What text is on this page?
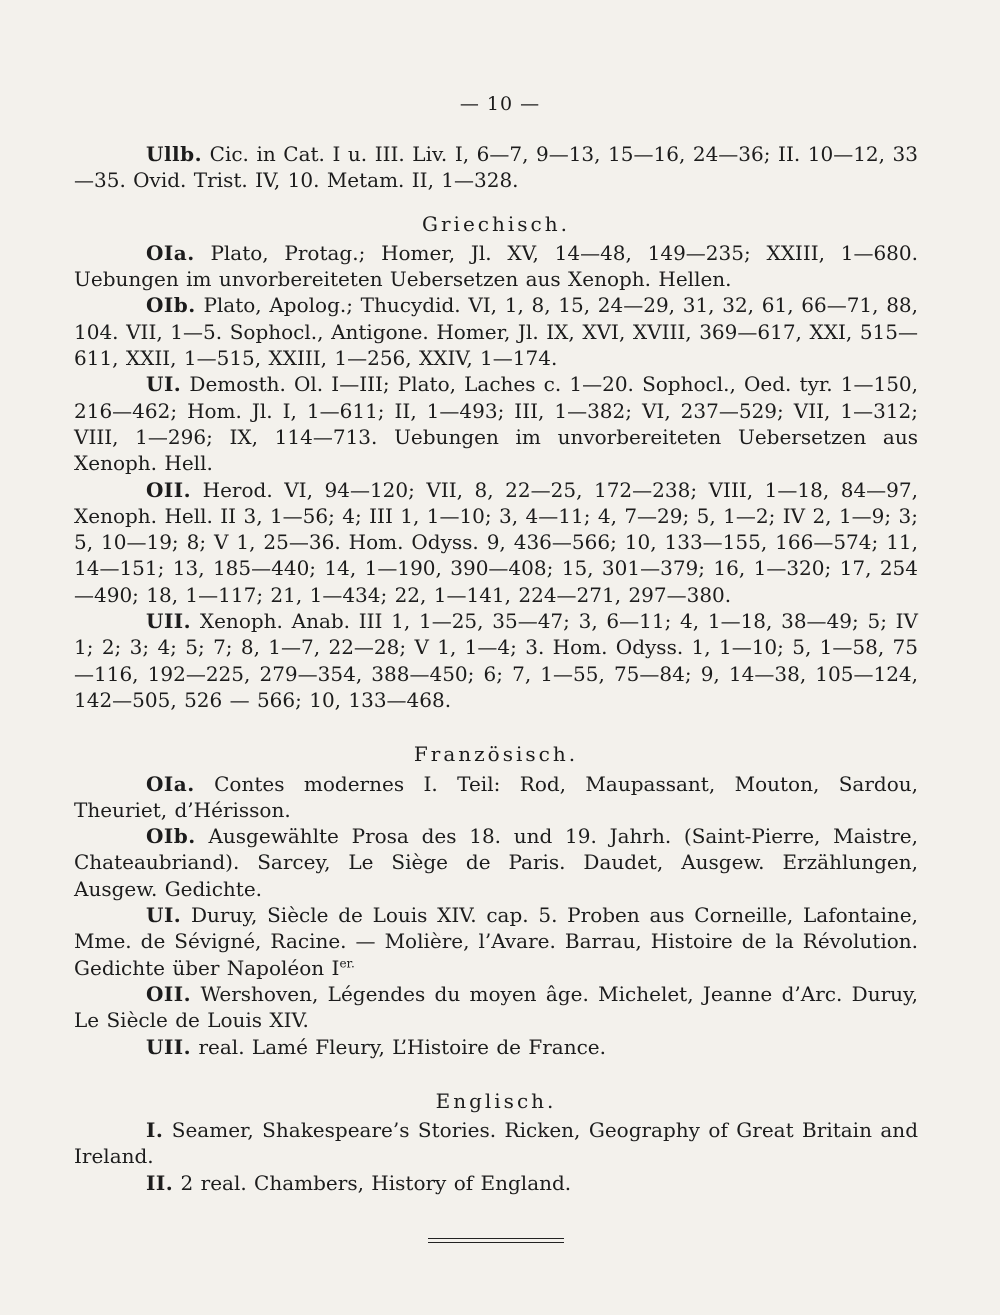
— 10 —

Ullb. Cic. in Cat. I u. III. Liv. I, 6—7, 9—13, 15—16, 24—36; II. 10—12, 33—35. Ovid. Trist. IV, 10. Metam. II, 1—328.

Griechisch.

OIa. Plato, Protag.; Homer, Jl. XV, 14—48, 149—235; XXIII, 1—680. Uebungen im unvorbereiteten Uebersetzen aus Xenoph. Hellen.

OIb. Plato, Apolog.; Thucydid. VI, 1, 8, 15, 24—29, 31, 32, 61, 66—71, 88, 104. VII, 1—5. Sophocl., Antigone. Homer, Jl. IX, XVI, XVIII, 369—617, XXI, 515—611, XXII, 1—515, XXIII, 1—256, XXIV, 1—174.

UI. Demosth. Ol. I—III; Plato, Laches c. 1—20. Sophocl., Oed. tyr. 1—150, 216—462; Hom. Jl. I, 1—611; II, 1—493; III, 1—382; VI, 237—529; VII, 1—312; VIII, 1—296; IX, 114—713. Uebungen im unvorbereiteten Uebersetzen aus Xenoph. Hell.

OII. Herod. VI, 94—120; VII, 8, 22—25, 172—238; VIII, 1—18, 84—97, Xenoph. Hell. II 3, 1—56; 4; III 1, 1—10; 3, 4—11; 4, 7—29; 5, 1—2; IV 2, 1—9; 3; 5, 10—19; 8; V 1, 25—36. Hom. Odyss. 9, 436—566; 10, 133—155, 166—574; 11, 14—151; 13, 185—440; 14, 1—190, 390—408; 15, 301—379; 16, 1—320; 17, 254—490; 18, 1—117; 21, 1—434; 22, 1—141, 224—271, 297—380.

UII. Xenoph. Anab. III 1, 1—25, 35—47; 3, 6—11; 4, 1—18, 38—49; 5; IV 1; 2; 3; 4; 5; 7; 8, 1—7, 22—28; V 1, 1—4; 3. Hom. Odyss. 1, 1—10; 5, 1—58, 75—116, 192—225, 279—354, 388—450; 6; 7, 1—55, 75—84; 9, 14—38, 105—124, 142—505, 526 — 566; 10, 133—468.

Französisch.

OIa. Contes modernes I. Teil: Rod, Maupassant, Mouton, Sardou, Theuriet, d’Hérisson.

OIb. Ausgewählte Prosa des 18. und 19. Jahrh. (Saint-Pierre, Maistre, Chateaubriand). Sarcey, Le Siège de Paris. Daudet, Ausgew. Erzählungen, Ausgew. Gedichte.

UI. Duruy, Siècle de Louis XIV. cap. 5. Proben aus Corneille, Lafontaine, Mme. de Sévigné, Racine. — Molière, l’Avare. Barrau, Histoire de la Révolution. Gedichte über Napoléon $I^{er.}$

OII. Wershoven, Légendes du moyen âge. Michelet, Jeanne d’Arc. Duruy, Le Siècle de Louis XIV.

UII. real. Lamé Fleury, L’Histoire de France.

Englisch.

I. Seamer, Shakespeare’s Stories. Ricken, Geography of Great Britain and Ireland.

II. 2 real. Chambers, History of England.
